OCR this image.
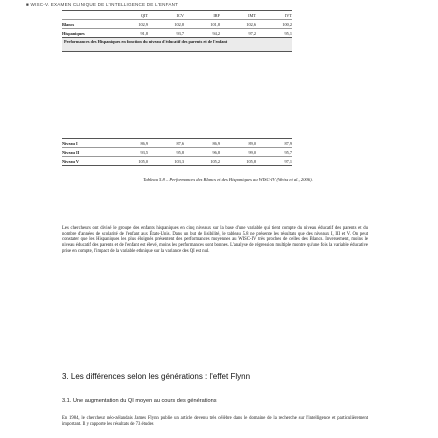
■ WISC-V. EXAMEN CLINIQUE DE L'INTELLIGENCE DE L'ENFANT
QIT	ICV	IRF	IMT	IVT
Blancs	102,9	102,8	101,8	102,6	100,2
Hispaniques	91,8	93,7	94,2	97,2	95,1
Performances des Hispaniques en fonction du niveau d'éducatif des parents et de l'enfant
Niveau I	86,9	87,6	86,9	89,0	87,9
Niveau II	93,5	95,8	96,8	99,0	95,7
Niveau V	105,0	103,3	105,2	105,8	97,1
Tableau 5.8 – Performances des Blancs et des Hispaniques au WISC-IV (Weiss et al., 2006).
Les chercheurs ont divisé le groupe des enfants hispaniques en cinq niveaux sur la base d'une variable qui tient compte du niveau éducatif des parents et du nombre d'années de scolarité de l'enfant aux États-Unis. Dans un but de lisibilité, le tableau 5.8 ne présente les résultats que des niveaux I, III et V. On peut constater que les Hispaniques les plus éloignés présentent des performances moyennes au WISC-IV très proches de celles des Blancs. Inversement, moins le niveau éducatif des parents et de l'enfant est élevé, moins les performances sont bonnes. L'analyse de régression multiple montre qu'une fois la variable éducative prise en compte, l'impact de la variable ethnique sur la variance des QI est nul.
3. Les différences selon les générations : l'effet Flynn
3.1. Une augmentation du QI moyen au cours des générations
En 1984, le chercheur néo-zélandais James Flynn publie un article devenu très célèbre dans le domaine de la recherche sur l'intelligence et particulièrement important. Il y rapporte les résultats de 73 études
